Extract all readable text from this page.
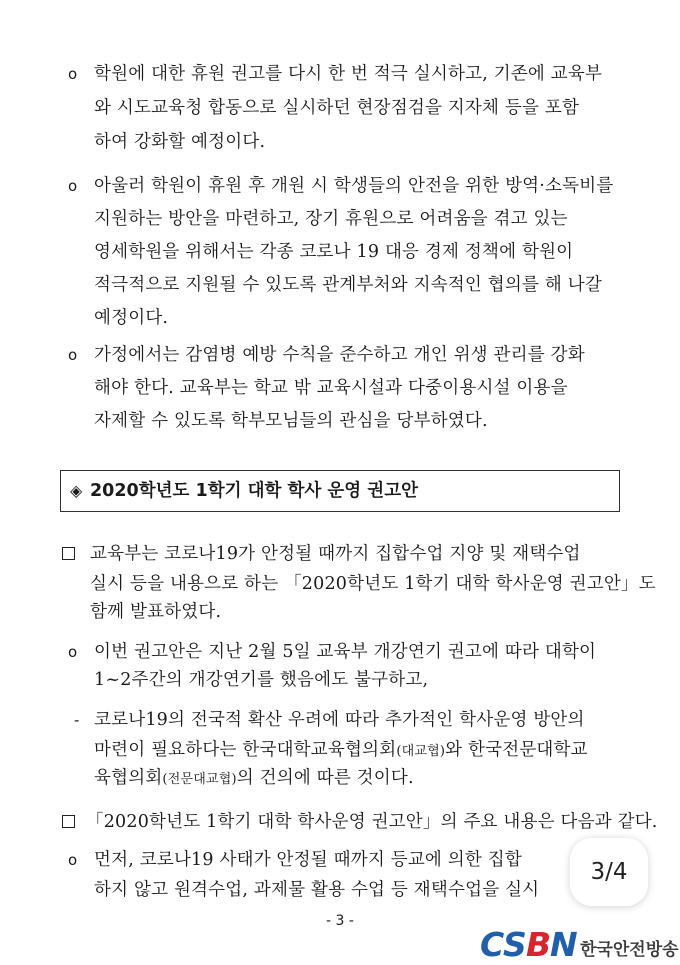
o 학원에 대한 휴원 권고를 다시 한 번 적극 실시하고, 기존에 교육부
와 시도교육청 합동으로 실시하던 현장점검을 지자체 등을 포함
하여 강화할 예정이다.
o 아울러 학원이 휴원 후 개원 시 학생들의 안전을 위한 방역·소독비를
지원하는 방안을 마련하고, 장기 휴원으로 어려움을 겪고 있는
영세학원을 위해서는 각종 코로나 19 대응 경제 정책에 학원이
적극적으로 지원될 수 있도록 관계부처와 지속적인 협의를 해 나갈
예정이다.
o 가정에서는 감염병 예방 수칙을 준수하고 개인 위생 관리를 강화
해야 한다. 교육부는 학교 밖 교육시설과 다중이용시설 이용을
자제할 수 있도록 학부모님들의 관심을 당부하였다.
◈ 2020학년도 1학기 대학 학사 운영 권고안
교육부는 코로나19가 안정될 때까지 집합수업 지양 및 재택수업
실시 등을 내용으로 하는 「2020학년도 1학기 대학 학사운영 권고안」도
함께 발표하였다.
o 이번 권고안은 지난 2월 5일 교육부 개강연기 권고에 따라 대학이
1~2주간의 개강연기를 했음에도 불구하고,
- 코로나19의 전국적 확산 우려에 따라 추가적인 학사운영 방안의
마련이 필요하다는 한국대학교육협의회(대교협)와 한국전문대학교
육협의회(전문대교협)의 건의에 따른 것이다.
「2020학년도 1학기 대학 학사운영 권고안」의 주요 내용은 다음과 같다.
o 먼저, 코로나19 사태가 안정될 때까지 등교에 의한 집합
하지 않고 원격수업, 과제물 활용 수업 등 재택수업을 실시
- 3 -
3/4
CS B
N 한국안전방송
